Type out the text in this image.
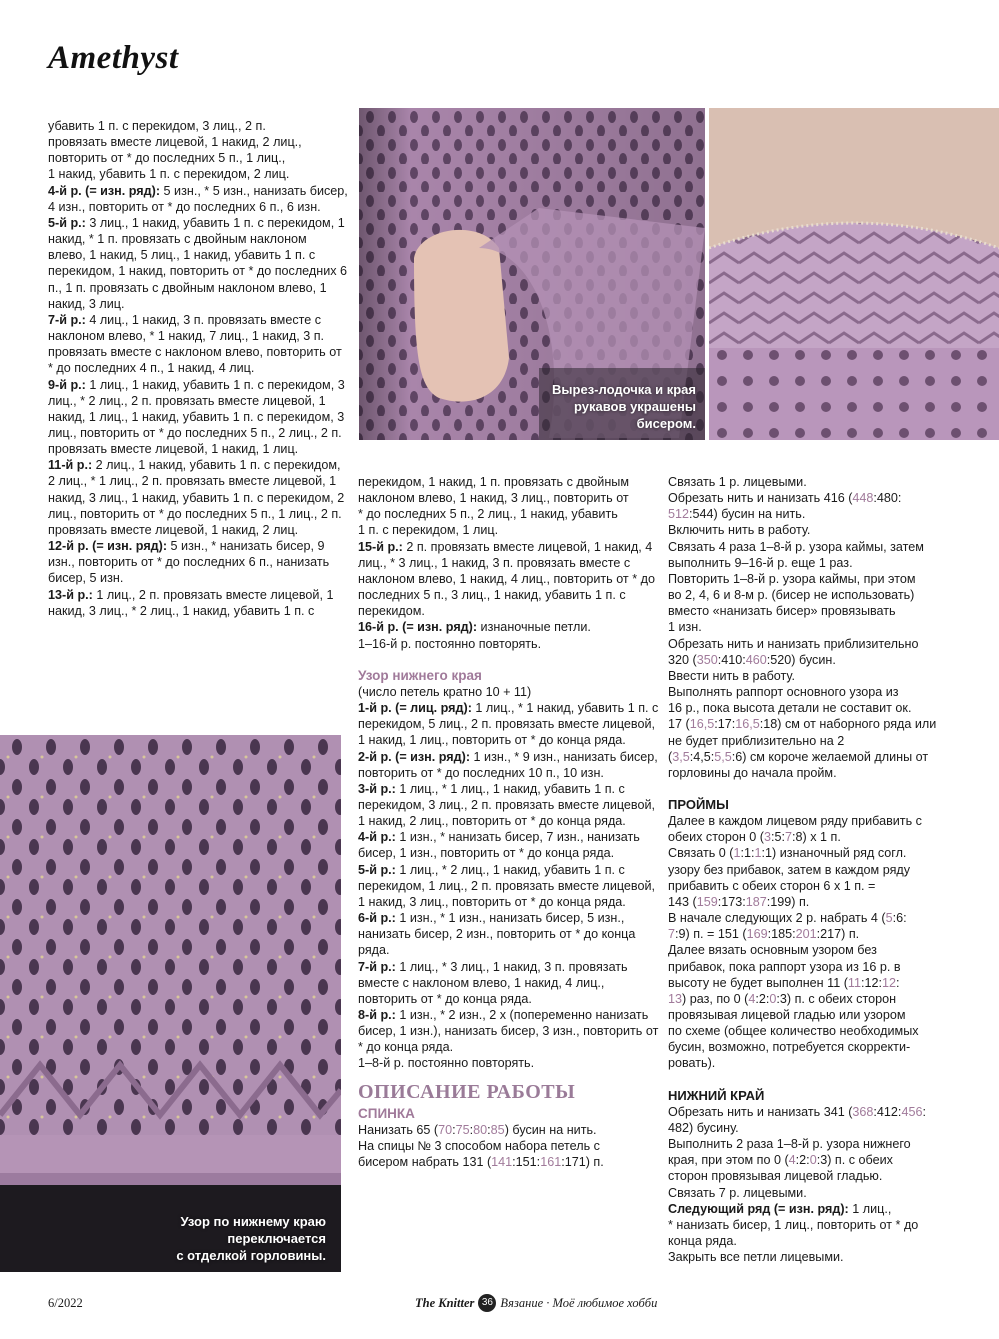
Amethyst

убавить 1 п. с перекидом, 3 лиц., 2 п.

провязать вместе лицевой, 1 накид, 2 лиц.,

повторить от * до последних 5 п., 1 лиц.,

1 накид, убавить 1 п. с перекидом, 2 лиц.

4-й р. (= изн. ряд): 5 изн., * 5 изн., нанизать бисер, 4 изн., повторить от * до последних 6 п., 6 изн.

5-й р.: 3 лиц., 1 накид, убавить 1 п. с перекидом, 1 накид, * 1 п. провязать с двойным наклоном влево, 1 накид, 5 лиц., 1 накид, убавить 1 п. с перекидом, 1 накид, повторить от * до последних 6 п., 1 п. провязать с двойным наклоном влево, 1 накид, 3 лиц.

7-й р.: 4 лиц., 1 накид, 3 п. провязать вместе с наклоном влево, * 1 накид, 7 лиц., 1 накид, 3 п. провязать вместе с наклоном влево, повторить от * до последних 4 п., 1 накид, 4 лиц.

9-й р.: 1 лиц., 1 накид, убавить 1 п. с перекидом, 3 лиц., * 2 лиц., 2 п. провязать вместе лицевой, 1 накид, 1 лиц., 1 накид, убавить 1 п. с перекидом, 3 лиц., повторить от * до последних 5 п., 2 лиц., 2 п. провязать вместе лицевой, 1 накид, 1 лиц.

11-й р.: 2 лиц., 1 накид, убавить 1 п. с перекидом, 2 лиц., * 1 лиц., 2 п. провязать вместе лицевой, 1 накид, 3 лиц., 1 накид, убавить 1 п. с перекидом, 2 лиц., повторить от * до последних 5 п., 1 лиц., 2 п. провязать вместе лицевой, 1 накид, 2 лиц.

12-й р. (= изн. ряд): 5 изн., * нанизать бисер, 9 изн., повторить от * до последних 6 п., нанизать бисер, 5 изн.

13-й р.: 1 лиц., 2 п. провязать вместе лицевой, 1 накид, 3 лиц., * 2 лиц., 1 накид, убавить 1 п. с

Вырез-лодочка и края
рукавов украшены
бисером.
Узор по нижнему краю
переключается
с отделкой горловины.

перекидом, 1 накид, 1 п. провязать с двойным

наклоном влево, 1 накид, 3 лиц., повторить от

* до последних 5 п., 2 лиц., 1 накид, убавить

1 п. с перекидом, 1 лиц.

15-й р.: 2 п. провязать вместе лицевой, 1 накид, 4 лиц., * 3 лиц., 1 накид, 3 п. провязать вместе с наклоном влево, 1 накид, 4 лиц., повторить от * до последних 5 п., 3 лиц., 1 накид, убавить 1 п. с перекидом.

16-й р. (= изн. ряд): изнаночные петли.

1–16-й р. постоянно повторять.

Узор нижнего края

(число петель кратно 10 + 11)

1-й р. (= лиц. ряд): 1 лиц., * 1 накид, убавить 1 п. с перекидом, 5 лиц., 2 п. провязать вместе лицевой, 1 накид, 1 лиц., повторить от * до конца ряда.

2-й р. (= изн. ряд): 1 изн., * 9 изн., нанизать бисер, повторить от * до последних 10 п., 10 изн.

3-й р.: 1 лиц., * 1 лиц., 1 накид, убавить 1 п. с перекидом, 3 лиц., 2 п. провязать вместе лицевой, 1 накид, 2 лиц., повторить от * до конца ряда.

4-й р.: 1 изн., * нанизать бисер, 7 изн., нанизать бисер, 1 изн., повторить от * до конца ряда.

5-й р.: 1 лиц., * 2 лиц., 1 накид, убавить 1 п. с перекидом, 1 лиц., 2 п. провязать вместе лицевой, 1 накид, 3 лиц., повторить от * до конца ряда.

6-й р.: 1 изн., * 1 изн., нанизать бисер, 5 изн., нанизать бисер, 2 изн., повторить от * до конца ряда.

7-й р.: 1 лиц., * 3 лиц., 1 накид, 3 п. провязать вместе с наклоном влево, 1 накид, 4 лиц., повторить от * до конца ряда.

8-й р.: 1 изн., * 2 изн., 2 х (попеременно нанизать бисер, 1 изн.), нанизать бисер, 3 изн., повторить от * до конца ряда.

1–8-й р. постоянно повторять.

ОПИСАНИЕ РАБОТЫ

СПИНКА

Нанизать 65 (70:75:80:85) бусин на нить.

На спицы № 3 способом набора петель с

бисером набрать 131 (141:151:161:171) п.

Связать 1 р. лицевыми.

Обрезать нить и нанизать 416 (448:480:

512:544) бусин на нить.

Включить нить в работу.

Связать 4 раза 1–8-й р. узора каймы, затем

выполнить 9–16-й р. еще 1 раз.

Повторить 1–8-й р. узора каймы, при этом

во 2, 4, 6 и 8-м р. (бисер не использовать)

вместо «нанизать бисер» провязывать

1 изн.

Обрезать нить и нанизать приблизительно

320 (350:410:460:520) бусин.

Ввести нить в работу.

Выполнять раппорт основного узора из

16 р., пока высота детали не составит ок.

17 (16,5:17:16,5:18) см от наборного ряда или

не будет приблизительно на 2

(3,5:4,5:5,5:6) см короче желаемой длины от

горловины до начала пройм.

ПРОЙМЫ

Далее в каждом лицевом ряду прибавить с

обеих сторон 0 (3:5:7:8) х 1 п.

Связать 0 (1:1:1:1) изнаночный ряд согл.

узору без прибавок, затем в каждом ряду

прибавить с обеих сторон 6 х 1 п. =

143 (159:173:187:199) п.

В начале следующих 2 р. набрать 4 (5:6:

7:9) п. = 151 (169:185:201:217) п.

Далее вязать основным узором без

прибавок, пока раппорт узора из 16 р. в

высоту не будет выполнен 11 (11:12:12:

13) раз, по 0 (4:2:0:3) п. с обеих сторон

провязывая лицевой гладью или узором

по схеме (общее количество необходимых

бусин, возможно, потребуется скорректи-

ровать).

НИЖНИЙ КРАЙ

Обрезать нить и нанизать 341 (368:412:456:

482) бусину.

Выполнить 2 раза 1–8-й р. узора нижнего

края, при этом по 0 (4:2:0:3) п. с обеих

сторон провязывая лицевой гладью.

Связать 7 р. лицевыми.

Следующий ряд (= изн. ряд): 1 лиц.,

* нанизать бисер, 1 лиц., повторить от * до

конца ряда.

Закрыть все петли лицевыми.

6/2022	The Knitter 36 Вязание · Моё любимое хобби
